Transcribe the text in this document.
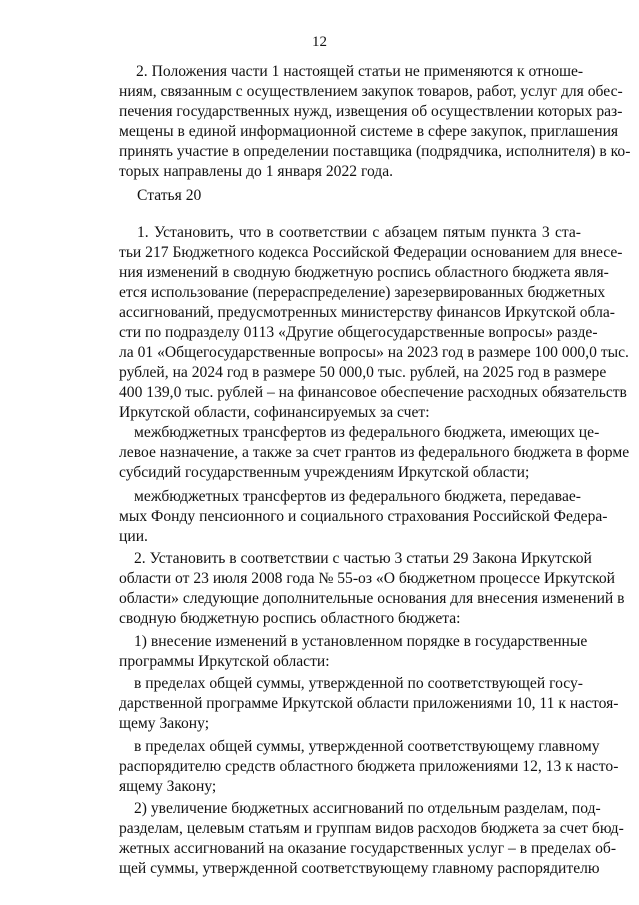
12
2. Положения части 1 настоящей статьи не применяются к отноше-
ниям, связанным с осуществлением закупок товаров, работ, услуг для обес-
печения государственных нужд, извещения об осуществлении которых раз-
мещены в единой информационной системе в сфере закупок, приглашения
принять участие в определении поставщика (подрядчика, исполнителя) в ко-
торых направлены до 1 января 2022 года.
Статья 20
1. Установить, что в соответствии с абзацем пятым пункта 3 ста-
тьи 217 Бюджетного кодекса Российской Федерации основанием для внесе-
ния изменений в сводную бюджетную роспись областного бюджета явля-
ется использование (перераспределение) зарезервированных бюджетных
ассигнований, предусмотренных министерству финансов Иркутской обла-
сти по подразделу 0113 «Другие общегосударственные вопросы» разде-
ла 01 «Общегосударственные вопросы» на 2023 год в размере 100 000,0 тыс.
рублей, на 2024 год в размере 50 000,0 тыс. рублей, на 2025 год в размере
400 139,0 тыс. рублей – на финансовое обеспечение расходных обязательств
Иркутской области, софинансируемых за счет:
межбюджетных трансфертов из федерального бюджета, имеющих це-
левое назначение, а также за счет грантов из федерального бюджета в форме
субсидий государственным учреждениям Иркутской области;
межбюджетных трансфертов из федерального бюджета, передавае-
мых Фонду пенсионного и социального страхования Российской Федера-
ции.
2. Установить в соответствии с частью 3 статьи 29 Закона Иркутской
области от 23 июля 2008 года № 55-оз «О бюджетном процессе Иркутской
области» следующие дополнительные основания для внесения изменений в
сводную бюджетную роспись областного бюджета:
1) внесение изменений в установленном порядке в государственные
программы Иркутской области:
в пределах общей суммы, утвержденной по соответствующей госу-
дарственной программе Иркутской области приложениями 10, 11 к настоя-
щему Закону;
в пределах общей суммы, утвержденной соответствующему главному
распорядителю средств областного бюджета приложениями 12, 13 к насто-
ящему Закону;
2) увеличение бюджетных ассигнований по отдельным разделам, под-
разделам, целевым статьям и группам видов расходов бюджета за счет бюд-
жетных ассигнований на оказание государственных услуг – в пределах об-
щей суммы, утвержденной соответствующему главному распорядителю
